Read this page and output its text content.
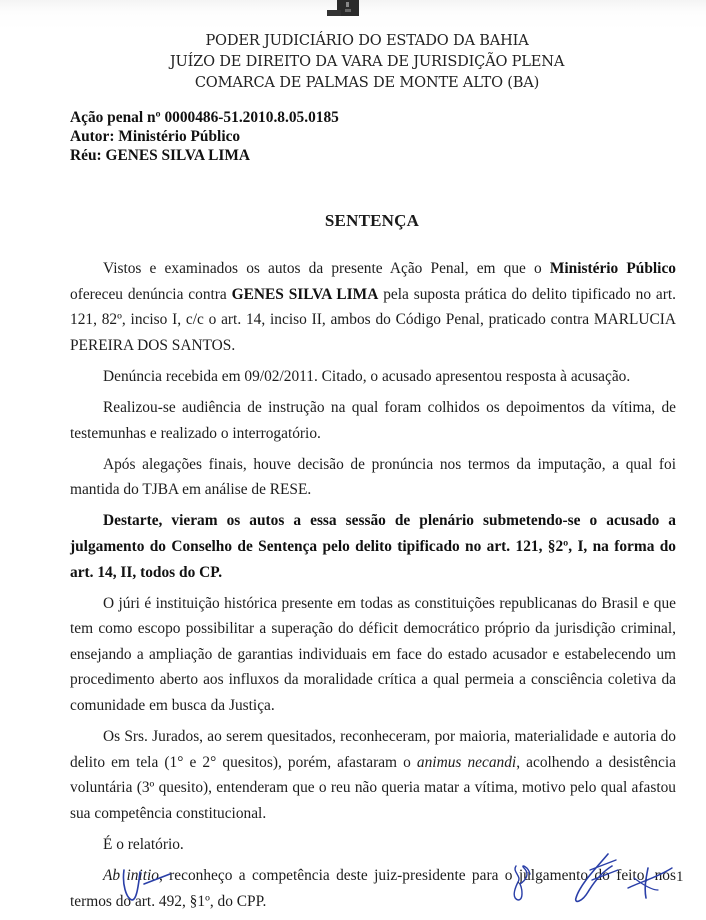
PODER JUDICIÁRIO DO ESTADO DA BAHIA
JUÍZO DE DIREITO DA VARA DE JURISDIÇÃO PLENA
COMARCA DE PALMAS DE MONTE ALTO (BA)
Ação penal nº 0000486-51.2010.8.05.0185
Autor: Ministério Público
Réu: GENES SILVA LIMA
SENTENÇA

Vistos e examinados os autos da presente Ação Penal, em que o Ministério Público ofereceu denúncia contra GENES SILVA LIMA pela suposta prática do delito tipificado no art. 121, 82º, inciso I, c/c o art. 14, inciso II, ambos do Código Penal, praticado contra MARLUCIA PEREIRA DOS SANTOS.

Denúncia recebida em 09/02/2011. Citado, o acusado apresentou resposta à acusação.

Realizou-se audiência de instrução na qual foram colhidos os depoimentos da vítima, de testemunhas e realizado o interrogatório.

Após alegações finais, houve decisão de pronúncia nos termos da imputação, a qual foi mantida do TJBA em análise de RESE.

Destarte, vieram os autos a essa sessão de plenário submetendo-se o acusado a julgamento do Conselho de Sentença pelo delito tipificado no art. 121, §2º, I, na forma do art. 14, II, todos do CP.

O júri é instituição histórica presente em todas as constituições republicanas do Brasil e que tem como escopo possibilitar a superação do déficit democrático próprio da jurisdição criminal, ensejando a ampliação de garantias individuais em face do estado acusador e estabelecendo um procedimento aberto aos influxos da moralidade crítica a qual permeia a consciência coletiva da comunidade em busca da Justiça.

Os Srs. Jurados, ao serem quesitados, reconheceram, por maioria, materialidade e autoria do delito em tela (1° e 2° quesitos), porém, afastaram o animus necandi, acolhendo a desistência voluntária (3º quesito), entenderam que o reu não queria matar a vítima, motivo pelo qual afastou sua competência constitucional.

É o relatório.

Ab initio, reconheço a competência deste juiz-presidente para o julgamento do feito, nos termos do art. 492, §1º, do CPP.

1
